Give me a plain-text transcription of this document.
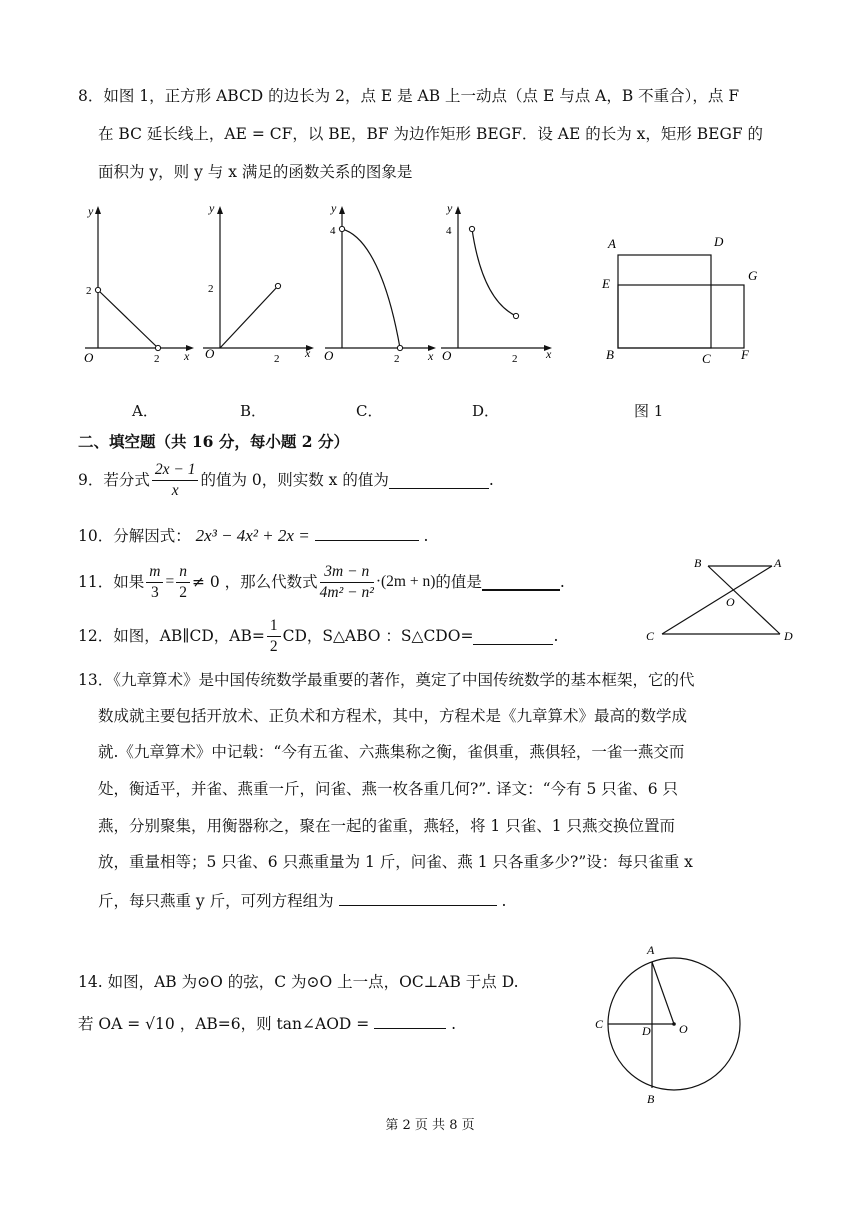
8．如图 1，正方形 ABCD 的边长为 2，点 E 是 AB 上一动点（点 E 与点 A，B 不重合），点 F
在 BC 延长线上，AE = CF，以 BE，BF 为边作矩形 BEGF．设 AE 的长为 x，矩形 BEGF 的
面积为 y，则 y 与 x 满足的函数关系的图象是
y
2
O	2 x
y
2
O	2 x
y
4
O	2 x
y
4
O	2 x
A	D
E
G
B	C F
A．	B．	C．	D．	图 1
二、填空题（共 16 分，每小题 2 分）
9．若分式 $\frac{2x - 1}{x}$ 的值为 0，则实数 x 的值为	.
10．分解因式： 2x³ − 4x² + 2x =	.
11．如果 $\frac{m}{3} = \frac{n}{2} \ne 0$ ，那么代数式 $\frac{3m - n}{\text{4m² − n²}} \cdot(2m + n)$ 的值是	.
12．如图，AB∥CD，$AB= \frac{1}{2}$ CD，S△ABO ：S△CDO=	.
B	A
O
C	D
13．《九章算术》是中国传统数学最重要的著作，奠定了中国传统数学的基本框架，它的代
数成就主要包括开放术、正负术和方程术，其中，方程术是《九章算术》最高的数学成
就.《九章算术》中记载：“今有五雀、六燕集称之衡，雀俱重，燕俱轻，一雀一燕交而
处，衡适平，并雀、燕重一斤，问雀、燕一枚各重几何?”. 译文：“今有 5 只雀、6 只
燕，分别聚集，用衡器称之，聚在一起的雀重，燕轻，将 1 只雀、1 只燕交换位置而
放，重量相等；5 只雀、6 只燕重量为 1 斤，问雀、燕 1 只各重多少?”设：每只雀重 x
斤，每只燕重 y 斤，可列方程组为	.
14. 如图，AB 为⊙O 的弦，C 为⊙O 上一点，OC⊥AB 于点 D.
若 OA = √10 ，AB=6，则 tan∠AOD =	.
A
B
C	D O
第 2 页 共 8 页
